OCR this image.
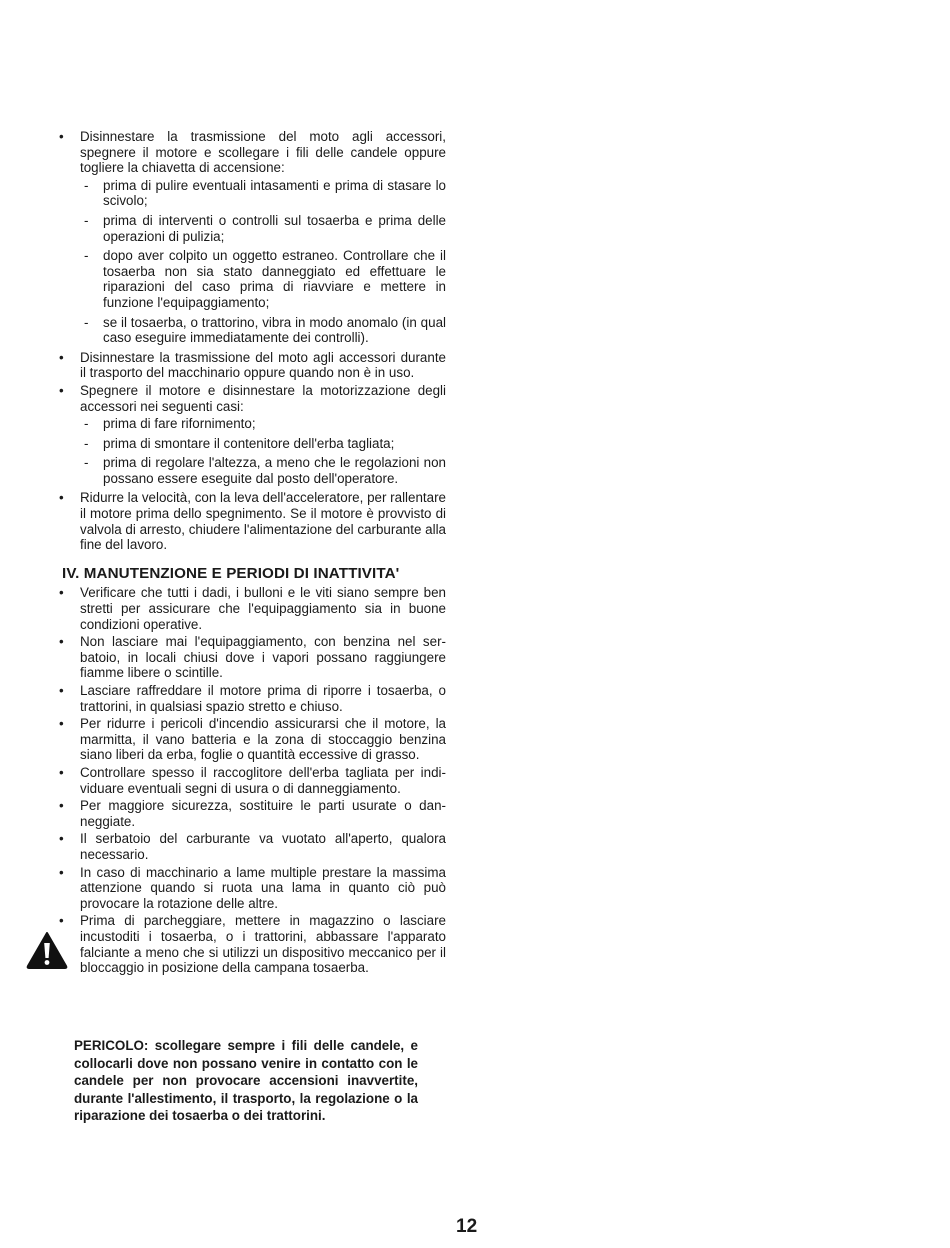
• Disinnestare la trasmissione del moto agli accessori, spegnere il motore e scollegare i fili delle candele oppure togliere la chiavetta di accensione:
- prima di pulire eventuali intasamenti e prima di stasare lo scivolo;
- prima di interventi o controlli sul tosaerba e prima delle operazioni di pulizia;
- dopo aver colpito un oggetto estraneo. Controllare che il tosaerba non sia stato danneggiato ed effettuare le riparazioni del caso prima di riavviare e mettere in funzione l'equipaggiamento;
- se il tosaerba, o trattorino, vibra in modo anomalo (in qual caso eseguire immediatamente dei controlli).
• Disinnestare la trasmissione del moto agli accessori durante il trasporto del macchinario oppure quando non è in uso.
• Spegnere il motore e disinnestare la motorizzazione degli accessori nei seguenti casi:
- prima di fare rifornimento;
- prima di smontare il contenitore dell'erba tagliata;
- prima di regolare l'altezza, a meno che le regolazioni non possano essere eseguite dal posto dell'operatore.
• Ridurre la velocità, con la leva dell'acceleratore, per rallentare il motore prima dello spegnimento. Se il motore è provvisto di valvola di arresto, chiudere l'alimentazione del carburante alla fine del lavoro.
IV. MANUTENZIONE E PERIODI DI INATTIVITA'
• Verificare che tutti i dadi, i bulloni e le viti siano sempre ben stretti per assicurare che l'equipaggiamento sia in buone condizioni operative.
• Non lasciare mai l'equipaggiamento, con benzina nel serbatoio, in locali chiusi dove i vapori possano raggiungere fiamme libere o scintille.
• Lasciare raffreddare il motore prima di riporre i tosaerba, o trattorini, in qualsiasi spazio stretto e chiuso.
• Per ridurre i pericoli d'incendio assicurarsi che il motore, la marmitta, il vano batteria e la zona di stoccaggio benzina siano liberi da erba, foglie o quantità eccessive di grasso.
• Controllare spesso il raccoglitore dell'erba tagliata per individuare eventuali segni di usura o di danneggiamento.
• Per maggiore sicurezza, sostituire le parti usurate o danneggiate.
• Il serbatoio del carburante va vuotato all'aperto, qualora necessario.
• In caso di macchinario a lame multiple prestare la massima attenzione quando si ruota una lama in quanto ciò può provocare la rotazione delle altre.
• Prima di parcheggiare, mettere in magazzino o lasciare incustoditi i tosaerba, o i trattorini, abbassare l'apparato falciante a meno che si utilizzi un dispositivo meccanico per il bloccaggio in posizione della campana tosaerba.
PERICOLO: scollegare sempre i fili delle candele, e collocarli dove non possano venire in contatto con le candele per non provocare accensioni inavvertite, durante l'allestimento, il trasporto, la regolazione o la riparazione dei tosaerba o dei trattorini.
12
